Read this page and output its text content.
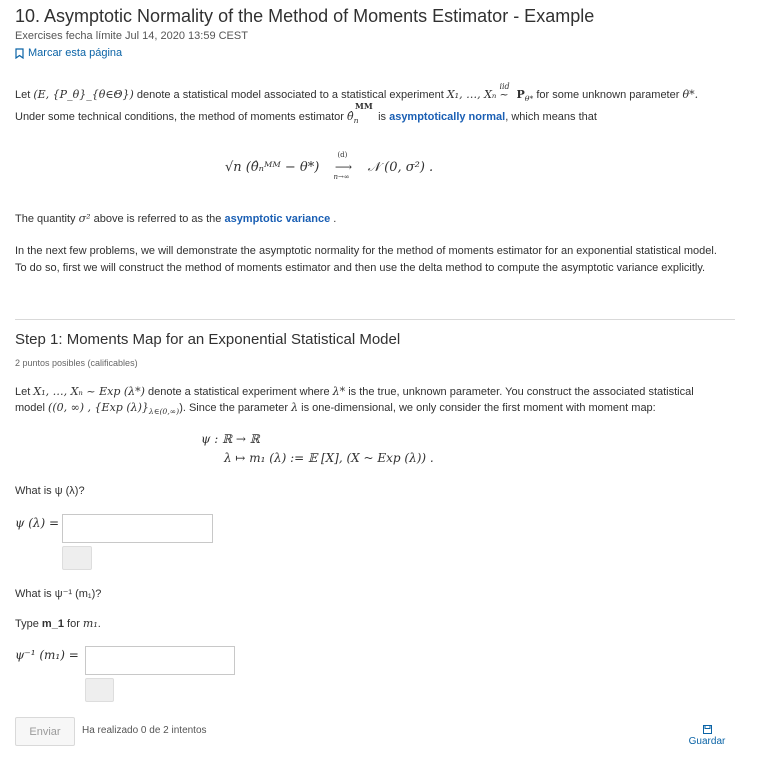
10. Asymptotic Normality of the Method of Moments Estimator - Example
Exercises fecha límite Jul 14, 2020 13:59 CEST
Marcar esta página
Let (E, {P_θ}_{θ∈Θ}) denote a statistical model associated to a statistical experiment X₁, …, Xₙ
iid
~ $P_{\theta*}$ for some unknown parameter θ*.
Under some technical conditions, the method of moments estimator
MM
$\thetâ_n$ is asymptotically normal, which means that
√n (θ̂ₙᴹᴹ − θ*)
(d)
⟶
n→∞
𝒩 (0, σ²) .
The quantity σ² above is referred to as the asymptotic variance .
In the next few problems, we will demonstrate the asymptotic normality for the method of moments estimator for an exponential statistical model. To do so, first we will construct the method of moments estimator and then use the delta method to compute the asymptotic variance explicitly.
Step 1: Moments Map for an Exponential Statistical Model
2 puntos posibles (calificables)
Let X₁, …, Xₙ ~ Exp (λ*) denote a statistical experiment where λ* is the true, unknown parameter. You construct the associated statistical
model ((0, ∞) , {Exp $(\lambda)\}_{\lambda\in(0,\infty)}$). Since the parameter λ is one-dimensional, we only consider the first moment with moment map:
ψ : ℝ → ℝ
λ ↦ m₁ (λ) := 𝔼 [X], (X ~ Exp (λ)) .
What is ψ (λ)?
ψ (λ) =
What is ψ⁻¹ (m₁)?
Type m_1 for m₁.
ψ⁻¹ (m₁) =
Enviar	Ha realizado 0 de 2 intentos
Guardar
